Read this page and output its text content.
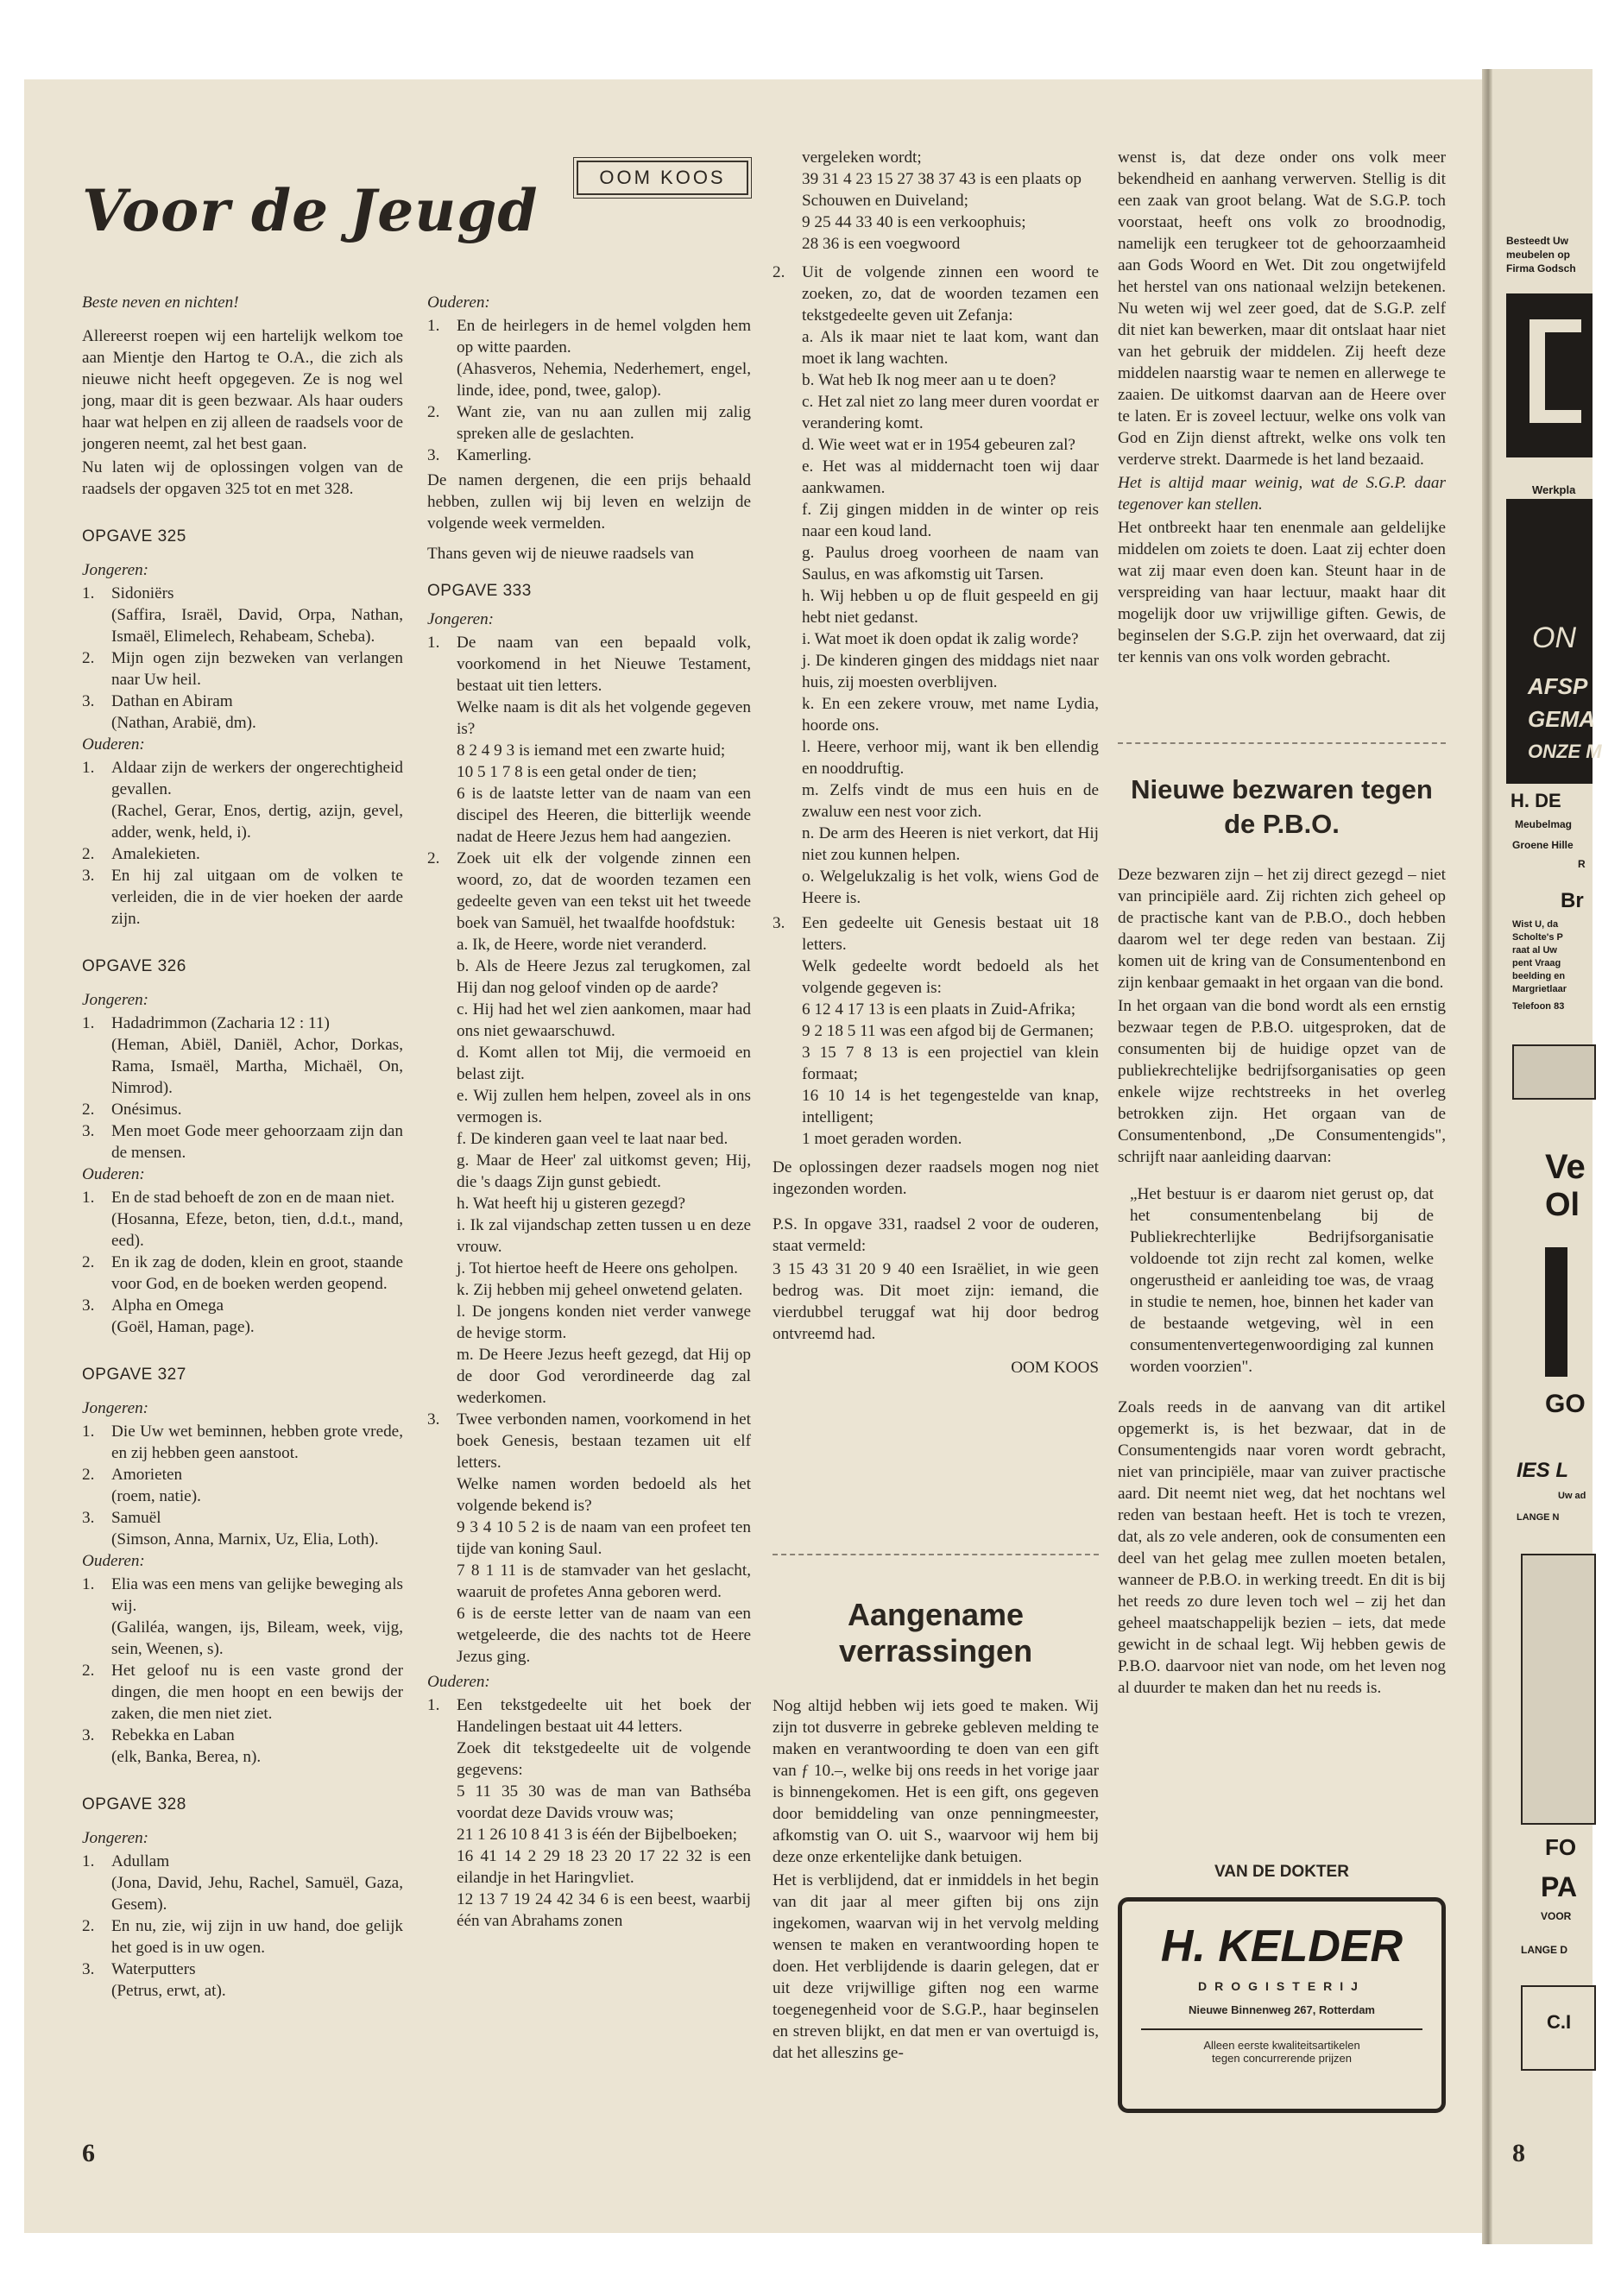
Voor de Jeugd	OOM KOOS

Beste neven en nichten!

Allereerst roepen wij een hartelijk welkom toe aan Mientje den Hartog te O.A., die zich als nieuwe nicht heeft opgegeven. Ze is nog wel jong, maar dit is geen bezwaar. Als haar ouders haar wat helpen en zij alleen de raadsels voor de jongeren neemt, zal het best gaan.

Nu laten wij de oplossingen volgen van de raadsels der opgaven 325 tot en met 328.

OPGAVE 325

Jongeren:

1.	Sidoniërs
(Saffira, Israël, David, Orpa, Nathan, Ismaël, Elimelech, Rehabeam, Scheba).
2.	Mijn ogen zijn bezweken van verlangen naar Uw heil.
3.	Dathan en Abiram
(Nathan, Arabië, dm).

Ouderen:

1.	Aldaar zijn de werkers der ongerechtigheid gevallen.
(Rachel, Gerar, Enos, dertig, azijn, gevel, adder, wenk, held, i).
2.	Amalekieten.
3.	En hij zal uitgaan om de volken te verleiden, die in de vier hoeken der aarde zijn.
OPGAVE 326

Jongeren:

1.	Hadadrimmon (Zacharia 12 : 11)
(Heman, Abiël, Daniël, Achor, Dorkas, Rama, Ismaël, Martha, Michaël, On, Nimrod).
2.	Onésimus.
3.	Men moet Gode meer gehoorzaam zijn dan de mensen.

Ouderen:

1.	En de stad behoeft de zon en de maan niet.
(Hosanna, Efeze, beton, tien, d.d.t., mand, eed).
2.	En ik zag de doden, klein en groot, staande voor God, en de boeken werden geopend.
3.	Alpha en Omega
(Goël, Haman, page).
OPGAVE 327

Jongeren:

1.	Die Uw wet beminnen, hebben grote vrede, en zij hebben geen aanstoot.
2.	Amorieten
(roem, natie).
3.	Samuël
(Simson, Anna, Marnix, Uz, Elia, Loth).

Ouderen:

1.	Elia was een mens van gelijke beweging als wij.
(Galiléa, wangen, ijs, Bileam, week, vijg, sein, Weenen, s).
2.	Het geloof nu is een vaste grond der dingen, die men hoopt en een bewijs der zaken, die men niet ziet.
3.	Rebekka en Laban
(elk, Banka, Berea, n).
OPGAVE 328

Jongeren:

1.	Adullam
(Jona, David, Jehu, Rachel, Samuël, Gaza, Gesem).
2.	En nu, zie, wij zijn in uw hand, doe gelijk het goed is in uw ogen.
3.	Waterputters
(Petrus, erwt, at).

Ouderen:

1.	En de heirlegers in de hemel volgden hem op witte paarden.
(Ahasveros, Nehemia, Nederhemert, engel, linde, idee, pond, twee, galop).
2.	Want zie, van nu aan zullen mij zalig spreken alle de geslachten.
3.	Kamerling.

De namen dergenen, die een prijs behaald hebben, zullen wij bij leven en welzijn de volgende week vermelden.

Thans geven wij de nieuwe raadsels van

OPGAVE 333

Jongeren:

1.	De naam van een bepaald volk, voorkomend in het Nieuwe Testament, bestaat uit tien letters.
Welke naam is dit als het volgende gegeven is?
8 2 4 9 3 is iemand met een zwarte huid;
10 5 1 7 8 is een getal onder de tien;
6 is de laatste letter van de naam van een discipel des Heeren, die bitterlijk weende nadat de Heere Jezus hem had aangezien.
2.	Zoek uit elk der volgende zinnen een woord, zo, dat de woorden tezamen een gedeelte geven van een tekst uit het tweede boek van Samuël, het twaalfde hoofdstuk:
a. Ik, de Heere, worde niet veranderd.
b. Als de Heere Jezus zal terugkomen, zal Hij dan nog geloof vinden op de aarde?
c. Hij had het wel zien aankomen, maar had ons niet gewaarschuwd.
d. Komt allen tot Mij, die vermoeid en belast zijt.
e. Wij zullen hem helpen, zoveel als in ons vermogen is.
f. De kinderen gaan veel te laat naar bed.
g. Maar de Heer' zal uitkomst geven; Hij, die 's daags Zijn gunst gebiedt.
h. Wat heeft hij u gisteren gezegd?
i. Ik zal vijandschap zetten tussen u en deze vrouw.
j. Tot hiertoe heeft de Heere ons geholpen.
k. Zij hebben mij geheel onwetend gelaten.
l. De jongens konden niet verder vanwege de hevige storm.
m. De Heere Jezus heeft gezegd, dat Hij op de door God verordineerde dag zal wederkomen.
3.	Twee verbonden namen, voorkomend in het boek Genesis, bestaan tezamen uit elf letters.
Welke namen worden bedoeld als het volgende bekend is?
9 3 4 10 5 2 is de naam van een profeet ten tijde van koning Saul.
7 8 1 11 is de stamvader van het geslacht, waaruit de profetes Anna geboren werd.
6 is de eerste letter van de naam van een wetgeleerde, die des nachts tot de Heere Jezus ging.

Ouderen:

1.	Een tekstgedeelte uit het boek der Handelingen bestaat uit 44 letters.
Zoek dit tekstgedeelte uit de volgende gegevens:
5 11 35 30 was de man van Bathséba voordat deze Davids vrouw was;
21 1 26 10 8 41 3 is één der Bijbelboeken;
16 41 14 2 29 18 23 20 17 22 32 is een eilandje in het Haringvliet.
12 13 7 19 24 42 34 6 is een beest, waarbij één van Abrahams zonen
vergeleken wordt;
39 31 4 23 15 27 38 37 43 is een plaats op Schouwen en Duiveland;
9 25 44 33 40 is een verkoophuis;
28 36 is een voegwoord
2.	Uit de volgende zinnen een woord te zoeken, zo, dat de woorden tezamen een tekstgedeelte geven uit Zefanja:
a. Als ik maar niet te laat kom, want dan moet ik lang wachten.
b. Wat heb Ik nog meer aan u te doen?
c. Het zal niet zo lang meer duren voordat er verandering komt.
d. Wie weet wat er in 1954 gebeuren zal?
e. Het was al middernacht toen wij daar aankwamen.
f. Zij gingen midden in de winter op reis naar een koud land.
g. Paulus droeg voorheen de naam van Saulus, en was afkomstig uit Tarsen.
h. Wij hebben u op de fluit gespeeld en gij hebt niet gedanst.
i. Wat moet ik doen opdat ik zalig worde?
j. De kinderen gingen des middags niet naar huis, zij moesten overblijven.
k. En een zekere vrouw, met name Lydia, hoorde ons.
l. Heere, verhoor mij, want ik ben ellendig en nooddruftig.
m. Zelfs vindt de mus een huis en de zwaluw een nest voor zich.
n. De arm des Heeren is niet verkort, dat Hij niet zou kunnen helpen.
o. Welgelukzalig is het volk, wiens God de Heere is.
3.	Een gedeelte uit Genesis bestaat uit 18 letters.
Welk gedeelte wordt bedoeld als het volgende gegeven is:
6 12 4 17 13 is een plaats in Zuid-Afrika;
9 2 18 5 11 was een afgod bij de Germanen;
3 15 7 8 13 is een projectiel van klein formaat;
16 10 14 is het tegengestelde van knap, intelligent;
1 moet geraden worden.

De oplossingen dezer raadsels mogen nog niet ingezonden worden.

P.S. In opgave 331, raadsel 2 voor de ouderen, staat vermeld:

3 15 43 31 20 9 40 een Israëliet, in wie geen bedrog was. Dit moet zijn: iemand, die vierdubbel teruggaf wat hij door bedrog ontvreemd had.

OOM KOOS

Aangename
verrassingen

Nog altijd hebben wij iets goed te maken. Wij zijn tot dusverre in gebreke gebleven melding te maken en verantwoording te doen van een gift van ƒ 10.–, welke bij ons reeds in het vorige jaar is binnengekomen. Het is een gift, ons gegeven door bemiddeling van onze penningmeester, afkomstig van O. uit S., waarvoor wij hem bij deze onze erkentelijke dank betuigen.

Het is verblijdend, dat er inmiddels in het begin van dit jaar al meer giften bij ons zijn ingekomen, waarvan wij in het vervolg melding wensen te maken en verantwoording hopen te doen. Het verblijdende is daarin gelegen, dat er uit deze vrijwillige giften nog een warme toegenegenheid voor de S.G.P., haar beginselen en streven blijkt, en dat men er van overtuigd is, dat het alleszins ge-

wenst is, dat deze onder ons volk meer bekendheid en aanhang verwerven. Stellig is dit een zaak van groot belang. Wat de S.G.P. toch voorstaat, heeft ons volk zo broodnodig, namelijk een terugkeer tot de gehoorzaamheid aan Gods Woord en Wet. Dit zou ongetwijfeld het herstel van ons nationaal welzijn betekenen. Nu weten wij wel zeer goed, dat de S.G.P. zelf dit niet kan bewerken, maar dit ontslaat haar niet van het gebruik der middelen. Zij heeft deze middelen naarstig waar te nemen en allerwege te zaaien. De uitkomst daarvan aan de Heere over te laten. Er is zoveel lectuur, welke ons volk van God en Zijn dienst aftrekt, welke ons volk ten verderve strekt. Daarmede is het land bezaaid.

Het is altijd maar weinig, wat de S.G.P. daar tegenover kan stellen.

Het ontbreekt haar ten enenmale aan geldelijke middelen om zoiets te doen. Laat zij echter doen wat zij maar even doen kan. Steunt haar in de verspreiding van haar lectuur, maakt haar dit mogelijk door uw vrijwillige giften. Gewis, de beginselen der S.G.P. zijn het overwaard, dat zij ter kennis van ons volk worden gebracht.

Nieuwe bezwaren tegen
de P.B.O.

Deze bezwaren zijn – het zij direct gezegd – niet van principiële aard. Zij richten zich geheel op de practische kant van de P.B.O., doch hebben daarom wel ter dege reden van bestaan. Zij komen uit de kring van de Consumentenbond en zijn kenbaar gemaakt in het orgaan van die bond.

In het orgaan van die bond wordt als een ernstig bezwaar tegen de P.B.O. uitgesproken, dat de consumenten bij de huidige opzet van de publiekrechtelijke bedrijfsorganisaties op geen enkele wijze rechtstreeks in het overleg betrokken zijn. Het orgaan van de Consumentenbond, „De Consumentengids", schrijft naar aanleiding daarvan:

„Het bestuur is er daarom niet gerust op, dat het consumentenbelang bij de Publiekrechterlijke Bedrijfsorganisatie voldoende tot zijn recht zal komen, welke ongerustheid er aanleiding toe was, de vraag in studie te nemen, hoe, binnen het kader van de bestaande wetgeving, wèl in een consumentenvertegenwoordiging zal kunnen worden voorzien".

Zoals reeds in de aanvang van dit artikel opgemerkt is, is het bezwaar, dat in de Consumentengids naar voren wordt gebracht, niet van principiële, maar van zuiver practische aard. Dit neemt niet weg, dat het nochtans wel reden van bestaan heeft. Het is toch te vrezen, dat, als zo vele anderen, ook de consumenten een deel van het gelag mee zullen moeten betalen, wanneer de P.B.O. in werking treedt. En dit is bij het reeds zo dure leven toch wel – zij het dan geheel maatschappelijk bezien – iets, dat mede gewicht in de schaal legt. Wij hebben gewis de P.B.O. daarvoor niet van node, om het leven nog al duurder te maken dan het nu reeds is.

VAN DE DOKTER
H. KELDER
DROGISTERIJ
Nieuwe Binnenweg 267, Rotterdam
Alleen eerste kwaliteitsartikelen
tegen concurrerende prijzen
6	8
Besteedt Uw
meubelen op
Firma Godsch
Werkpla
ON
AFSP
GEMA
ONZE M
H. DE
Meubelmag
Groene Hille
R
Br
Wist U, da
Scholte's P
raat al Uw
pent Vraag
beelding en
Margrietlaar
Telefoon 83
Ve
Ol
GO
IES L
Uw ad
LANGE N
FO
PA
VOOR
LANGE D
C.I
